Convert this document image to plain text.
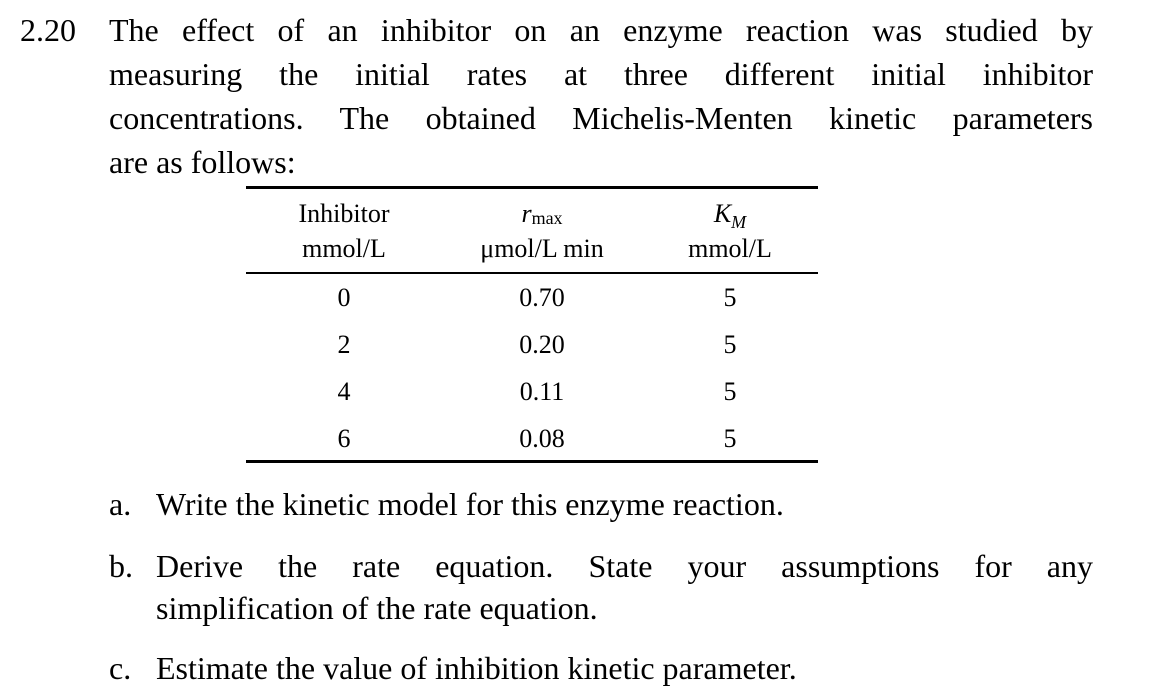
2.20 The effect of an inhibitor on an enzyme reaction was studied by
measuring the initial rates at three different initial inhibitor
concentrations. The obtained Michelis-Menten kinetic parameters
are as follows:
Inhibitor	rmax	$K_M$
mmol/L	μmol/L min	mmol/L
0	0.70	5
2	0.20	5
4	0.11	5
6	0.08	5
a. Write the kinetic model for this enzyme reaction.
b. Derive the rate equation. State your assumptions for any
simplification of the rate equation.
c. Estimate the value of inhibition kinetic parameter.
